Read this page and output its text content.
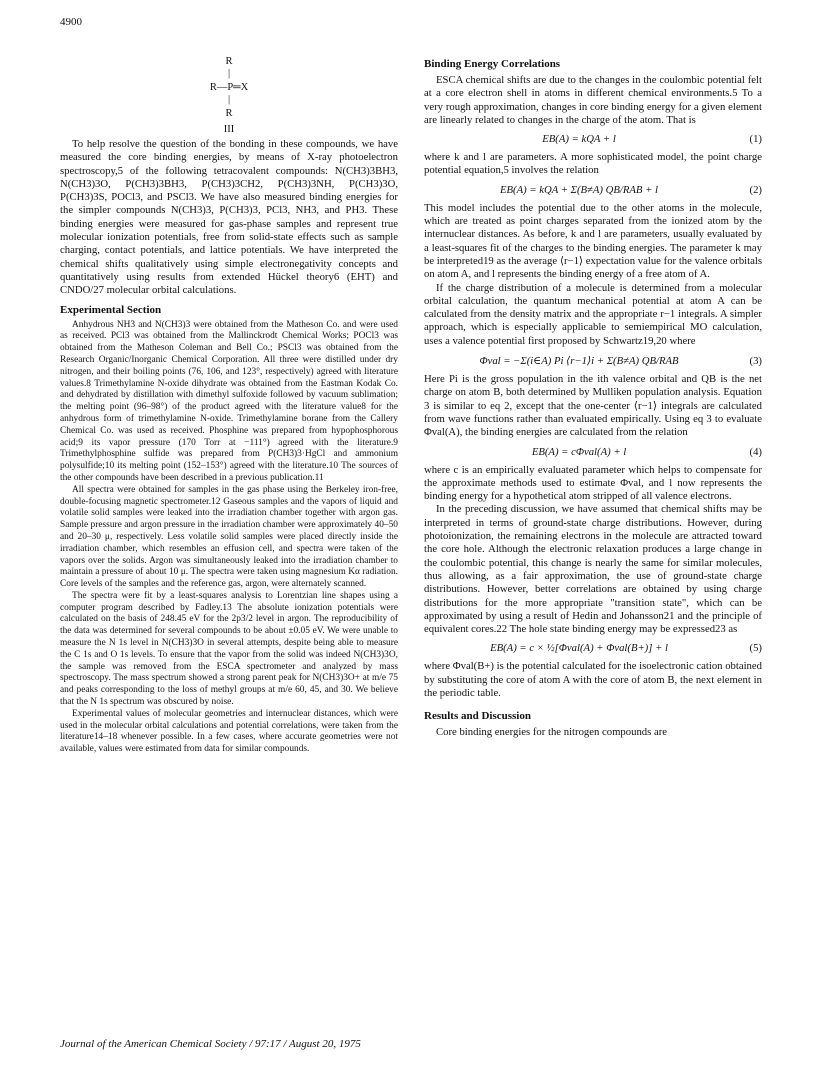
4900
R
|
R—P═X
|
R
III

To help resolve the question of the bonding in these compounds, we have measured the core binding energies, by means of X-ray photoelectron spectroscopy,5 of the following tetracovalent compounds: N(CH3)3BH3, N(CH3)3O, P(CH3)3BH3, P(CH3)3CH2, P(CH3)3NH, P(CH3)3O, P(CH3)3S, POCl3, and PSCl3. We have also measured binding energies for the simpler compounds N(CH3)3, P(CH3)3, PCl3, NH3, and PH3. These binding energies were measured for gas-phase samples and represent true molecular ionization potentials, free from solid-state effects such as sample charging, contact potentials, and lattice potentials. We have interpreted the chemical shifts qualitatively using simple electronegativity concepts and quantitatively using results from extended Hückel theory6 (EHT) and CNDO/27 molecular orbital calculations.

Experimental Section

Anhydrous NH3 and N(CH3)3 were obtained from the Matheson Co. and were used as received. PCl3 was obtained from the Mallinckrodt Chemical Works; POCl3 was obtained from the Matheson Coleman and Bell Co.; PSCl3 was obtained from the Research Organic/Inorganic Chemical Corporation. All three were distilled under dry nitrogen, and their boiling points (76, 106, and 123°, respectively) agreed with literature values.8 Trimethylamine N-oxide dihydrate was obtained from the Eastman Kodak Co. and dehydrated by distillation with dimethyl sulfoxide followed by vacuum sublimation; the melting point (96–98°) of the product agreed with the literature value8 for the anhydrous form of trimethylamine N-oxide. Trimethylamine borane from the Callery Chemical Co. was used as received. Phosphine was prepared from hypophosphorous acid;9 its vapor pressure (170 Torr at −111°) agreed with the literature.9 Trimethylphosphine sulfide was prepared from P(CH3)3·HgCl and ammonium polysulfide;10 its melting point (152–153°) agreed with the literature.10 The sources of the other compounds have been described in a previous publication.11

All spectra were obtained for samples in the gas phase using the Berkeley iron-free, double-focusing magnetic spectrometer.12 Gaseous samples and the vapors of liquid and volatile solid samples were leaked into the irradiation chamber together with argon gas. Sample pressure and argon pressure in the irradiation chamber were approximately 40–50 and 20–30 μ, respectively. Less volatile solid samples were placed directly inside the irradiation chamber, which resembles an effusion cell, and spectra were taken of the vapors over the solids. Argon was simultaneously leaked into the irradiation chamber to maintain a pressure of about 10 μ. The spectra were taken using magnesium Kα radiation. Core levels of the samples and the reference gas, argon, were alternately scanned.

The spectra were fit by a least-squares analysis to Lorentzian line shapes using a computer program described by Fadley.13 The absolute ionization potentials were calculated on the basis of 248.45 eV for the 2p3/2 level in argon. The reproducibility of the data was determined for several compounds to be about ±0.05 eV. We were unable to measure the N 1s level in N(CH3)3O in several attempts, despite being able to measure the C 1s and O 1s levels. To ensure that the vapor from the solid was indeed N(CH3)3O, the sample was removed from the ESCA spectrometer and analyzed by mass spectroscopy. The mass spectrum showed a strong parent peak for N(CH3)3O+ at m/e 75 and peaks corresponding to the loss of methyl groups at m/e 60, 45, and 30. We believe that the N 1s spectrum was obscured by noise.

Experimental values of molecular geometries and internuclear distances, which were used in the molecular orbital calculations and potential correlations, were taken from the literature14–18 whenever possible. In a few cases, where accurate geometries were not available, values were estimated from data for similar compounds.

Binding Energy Correlations

ESCA chemical shifts are due to the changes in the coulombic potential felt at a core electron shell in atoms in different chemical environments.5 To a very rough approximation, changes in core binding energy for a given element are linearly related to changes in the charge of the atom. That is

EB(A) = kQA + l	(1)

where k and l are parameters. A more sophisticated model, the point charge potential equation,5 involves the relation

EB(A) = kQA + Σ(B≠A) QB/RAB + l	(2)

This model includes the potential due to the other atoms in the molecule, which are treated as point charges separated from the ionized atom by the internuclear distances. As before, k and l are parameters, usually evaluated by a least-squares fit of the charges to the binding energies. The parameter k may be interpreted19 as the average ⟨r−1⟩ expectation value for the valence orbitals on atom A, and l represents the binding energy of a free atom of A.

If the charge distribution of a molecule is determined from a molecular orbital calculation, the quantum mechanical potential at atom A can be calculated from the density matrix and the appropriate r−1 integrals. A simpler approach, which is especially applicable to semiempirical MO calculation, uses a valence potential first proposed by Schwartz19,20 where

Φval = −Σ(i∈A) Pi ⟨r−1⟩i + Σ(B≠A) QB/RAB	(3)

Here Pi is the gross population in the ith valence orbital and QB is the net charge on atom B, both determined by Mulliken population analysis. Equation 3 is similar to eq 2, except that the one-center ⟨r−1⟩ integrals are calculated from wave functions rather than evaluated empirically. Using eq 3 to evaluate Φval(A), the binding energies are calculated from the relation

EB(A) = cΦval(A) + l	(4)

where c is an empirically evaluated parameter which helps to compensate for the approximate methods used to estimate Φval, and l now represents the binding energy for a hypothetical atom stripped of all valence electrons.

In the preceding discussion, we have assumed that chemical shifts may be interpreted in terms of ground-state charge distributions. However, during photoionization, the remaining electrons in the molecule are attracted toward the core hole. Although the electronic relaxation produces a large change in the coulombic potential, this change is nearly the same for similar molecules, thus allowing, as a fair approximation, the use of ground-state charge distributions. However, better correlations are obtained by using charge distributions for the more appropriate "transition state", which can be approximated by using a result of Hedin and Johansson21 and the principle of equivalent cores.22 The hole state binding energy may be expressed23 as

EB(A) = c × ½[Φval(A) + Φval(B+)] + l	(5)

where Φval(B+) is the potential calculated for the isoelectronic cation obtained by substituting the core of atom A with the core of atom B, the next element in the periodic table.

Results and Discussion

Core binding energies for the nitrogen compounds are

Journal of the American Chemical Society / 97:17 / August 20, 1975
